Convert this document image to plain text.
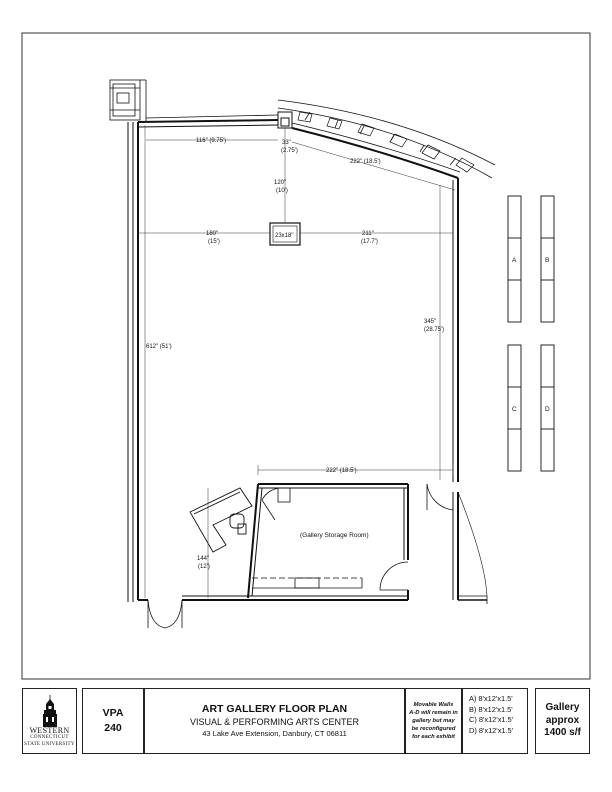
116" (9.75')	33"
(2.75')
222" (18.5')
120"
(10')
180"
(15')
23x18"	211"
(17.7')
345"
(28.75')
612" (51')
222" (18.5')
144"
(12')
(Gallery Storage Room)
A	B
C	D
WESTERN
CONNECTICUT
STATE UNIVERSITY
VPA
240
ART GALLERY FLOOR PLAN
VISUAL & PERFORMING ARTS CENTER
43 Lake Ave Extension, Danbury, CT 06811
Movable Walls
A-D will remain in
gallery but may
be reconfigured
for each exhibit
A) 8'x12'x1.5'
B) 8'x12'x1.5'
C) 8'x12'x1.5'
D) 8'x12'x1.5'
Gallery
approx
1400 s/f
